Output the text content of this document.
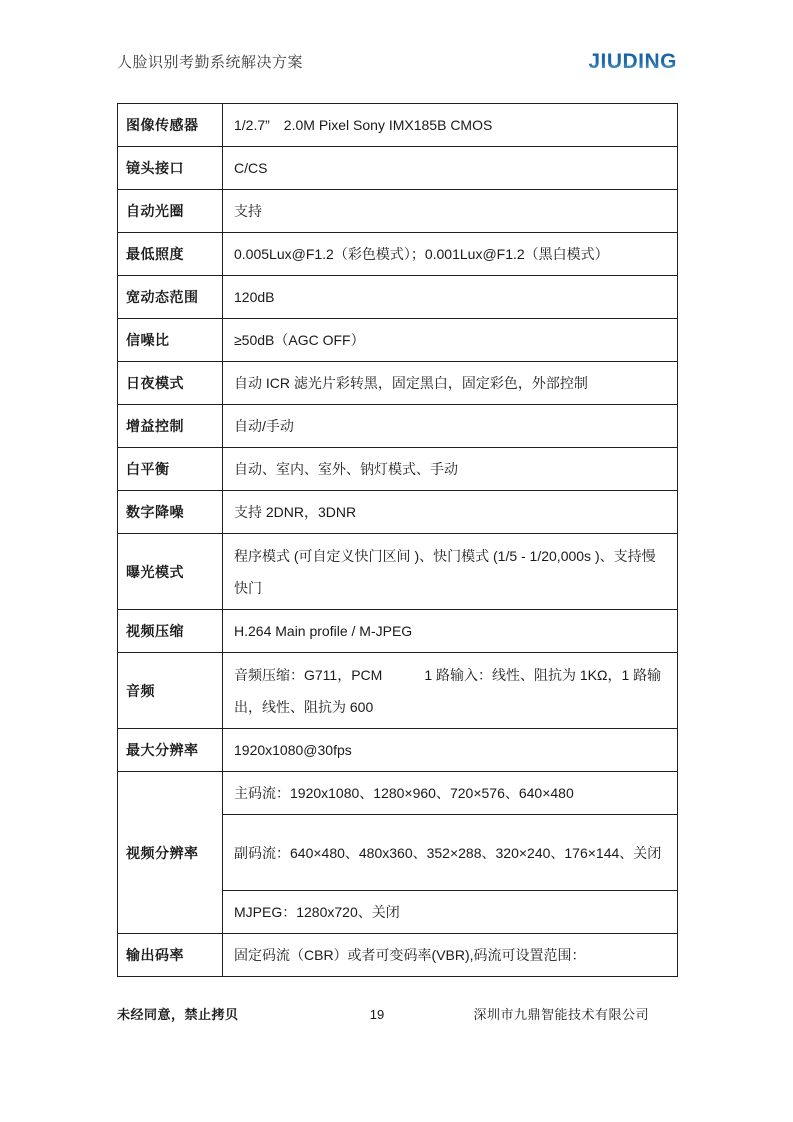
人脸识别考勤系统解决方案	JIUDING
图像传感器	1/2.7”　2.0M Pixel Sony IMX185B CMOS
镜头接口	C/CS
自动光圈	支持
最低照度	0.005Lux@F1.2（彩色模式）；0.001Lux@F1.2（黑白模式）
宽动态范围	120dB
信噪比	≥50dB（AGC OFF）
日夜模式	自动 ICR 滤光片彩转黑，固定黑白，固定彩色，外部控制
增益控制	自动/手动
白平衡	自动、室内、室外、钠灯模式、手动
数字降噪	支持 2DNR，3DNR
曝光模式	程序模式 (可自定义快门区间 )、快门模式 (1/5 - 1/20,000s )、支持慢快门
视频压缩	H.264 Main profile / M-JPEG
音频	音频压缩：G711，PCM　　　1 路输入：线性、阻抗为 1KΩ，1 路输出，线性、阻抗为 600
最大分辨率	1920x1080@30fps
视频分辨率	主码流：1920x1080、1280×960、720×576、640×480
	副码流：640×480、480x360、352×288、320×240、176×144、关闭
	MJPEG：1280x720、关闭
输出码率	固定码流（CBR）或者可变码率(VBR),码流可设置范围：
未经同意，禁止拷贝	19	深圳市九鼎智能技术有限公司
